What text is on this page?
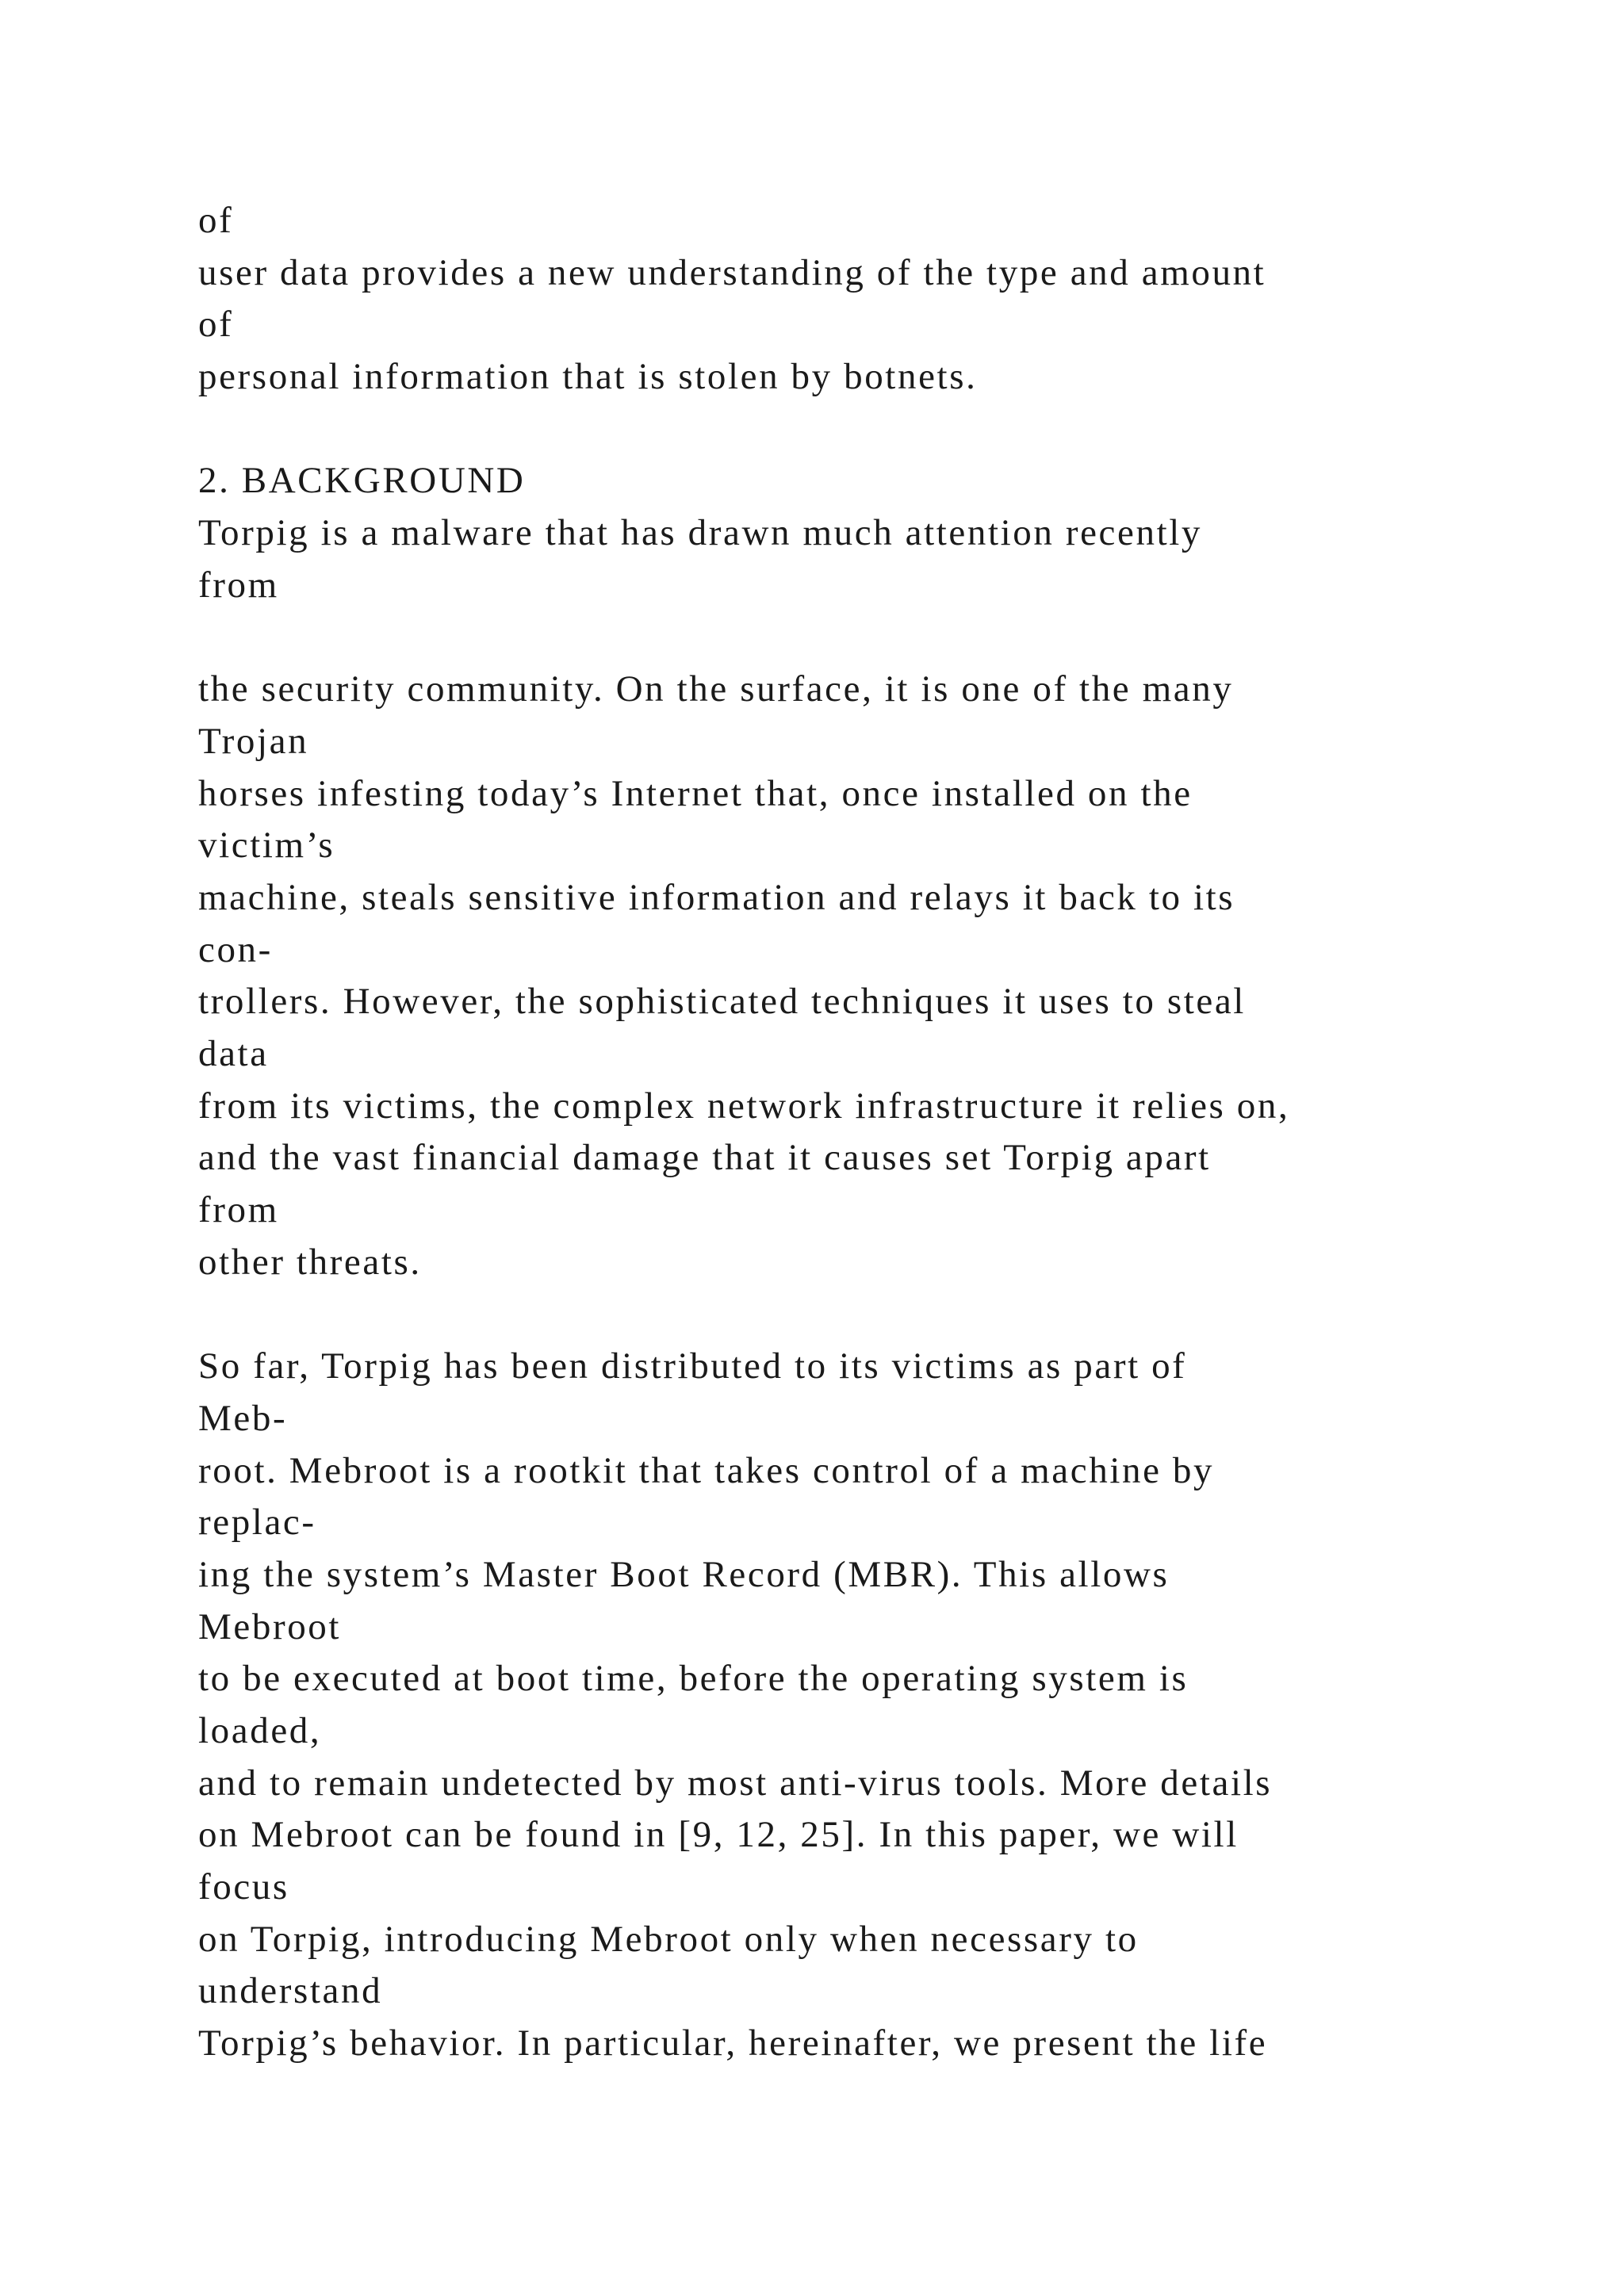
of
user data provides a new understanding of the type and amount
of
personal information that is stolen by botnets.
2. BACKGROUND
Torpig is a malware that has drawn much attention recently
from
the security community. On the surface, it is one of the many
Trojan
horses infesting today’s Internet that, once installed on the
victim’s
machine, steals sensitive information and relays it back to its
con-
trollers. However, the sophisticated techniques it uses to steal
data
from its victims, the complex network infrastructure it relies on,
and the vast financial damage that it causes set Torpig apart
from
other threats.
So far, Torpig has been distributed to its victims as part of
Meb-
root. Mebroot is a rootkit that takes control of a machine by
replac-
ing the system’s Master Boot Record (MBR). This allows
Mebroot
to be executed at boot time, before the operating system is
loaded,
and to remain undetected by most anti-virus tools. More details
on Mebroot can be found in [9, 12, 25]. In this paper, we will
focus
on Torpig, introducing Mebroot only when necessary to
understand
Torpig’s behavior. In particular, hereinafter, we present the life
